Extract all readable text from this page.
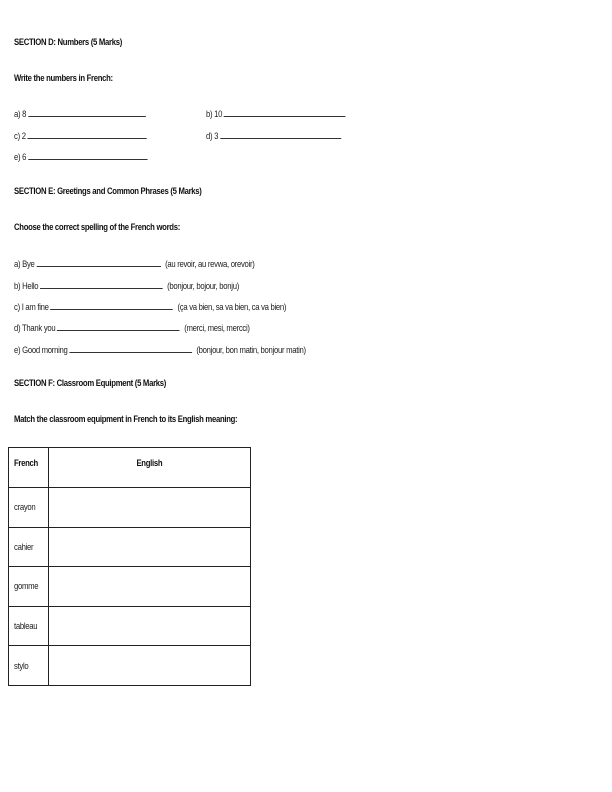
SECTION D: Numbers (5 Marks)
Write the numbers in French:
a) 8	b) 10
c) 2	d) 3
e) 6
SECTION E: Greetings and Common Phrases (5 Marks)
Choose the correct spelling of the French words:
a) Bye	(au revoir, au revwa, orevoir)
b) Hello	(bonjour, bojour, bonju)
c) I am fine	(ça va bien, sa va bien, ca va bien)
d) Thank you	(merci, mesi, mercci)
e) Good morning	(bonjour, bon matin, bonjour matin)
SECTION F: Classroom Equipment (5 Marks)
Match the classroom equipment in French to its English meaning:
French	English
crayon	
cahier	
gomme	
tableau	
stylo	
